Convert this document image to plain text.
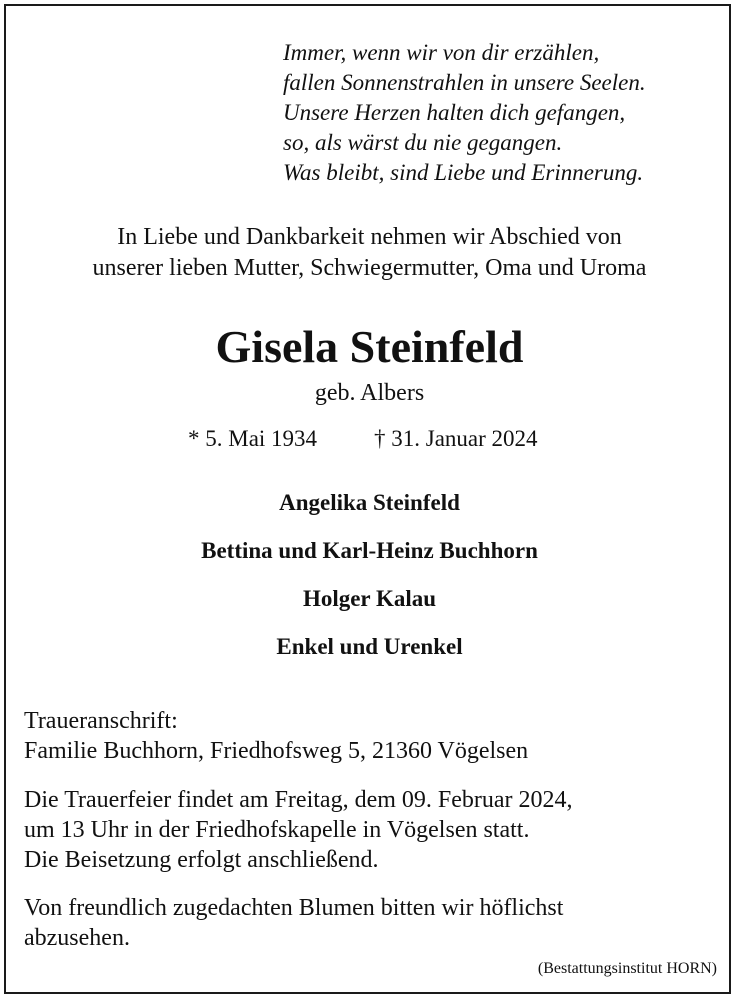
Immer, wenn wir von dir erzählen,
fallen Sonnenstrahlen in unsere Seelen.
Unsere Herzen halten dich gefangen,
so, als wärst du nie gegangen.
Was bleibt, sind Liebe und Erinnerung.
In Liebe und Dankbarkeit nehmen wir Abschied von
unserer lieben Mutter, Schwiegermutter, Oma und Uroma
Gisela Steinfeld
geb. Albers
* 5. Mai 1934 † 31. Januar 2024
Angelika Steinfeld
Bettina und Karl-Heinz Buchhorn
Holger Kalau
Enkel und Urenkel
Traueranschrift:
Familie Buchhorn, Friedhofsweg 5, 21360 Vögelsen
Die Trauerfeier findet am Freitag, dem 09. Februar 2024,
um 13 Uhr in der Friedhofskapelle in Vögelsen statt.
Die Beisetzung erfolgt anschließend.
Von freundlich zugedachten Blumen bitten wir höflichst
abzusehen.
(Bestattungsinstitut HORN)
